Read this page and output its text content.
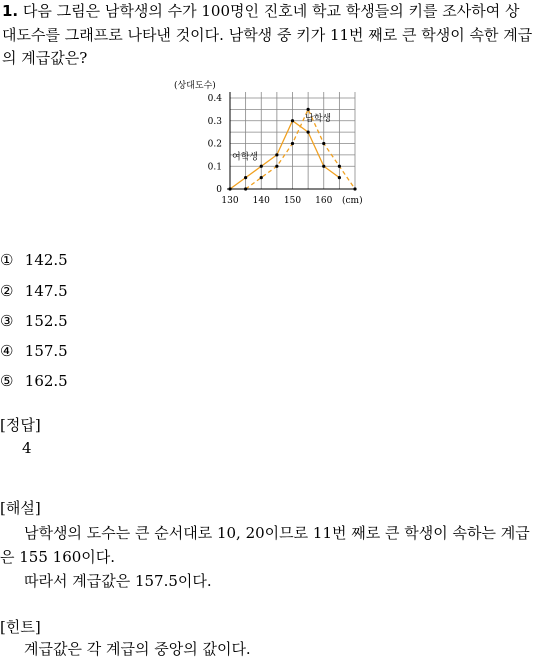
1. 다음 그림은 남학생의 수가 100명인 진호네 학교 학생들의 키를 조사하여 상대도수를 그래프로 나타낸 것이다. 남학생 중 키가 11번 째로 큰 학생이 속한 계급의 계급값은?
0
0.1
0.2
0.3
0.4
130 140 150 160
(상대도수)
(cm)
여학생
남학생
① 142.5
② 147.5
③ 152.5
④ 157.5
⑤ 162.5
[정답]
4
[해설]
남학생의 도수는 큰 순서대로 10, 20이므로 11번 째로 큰 학생이 속하는 계급은 155 160이다.
따라서 계급값은 157.5이다.
[힌트]
계급값은 각 계급의 중앙의 값이다.
